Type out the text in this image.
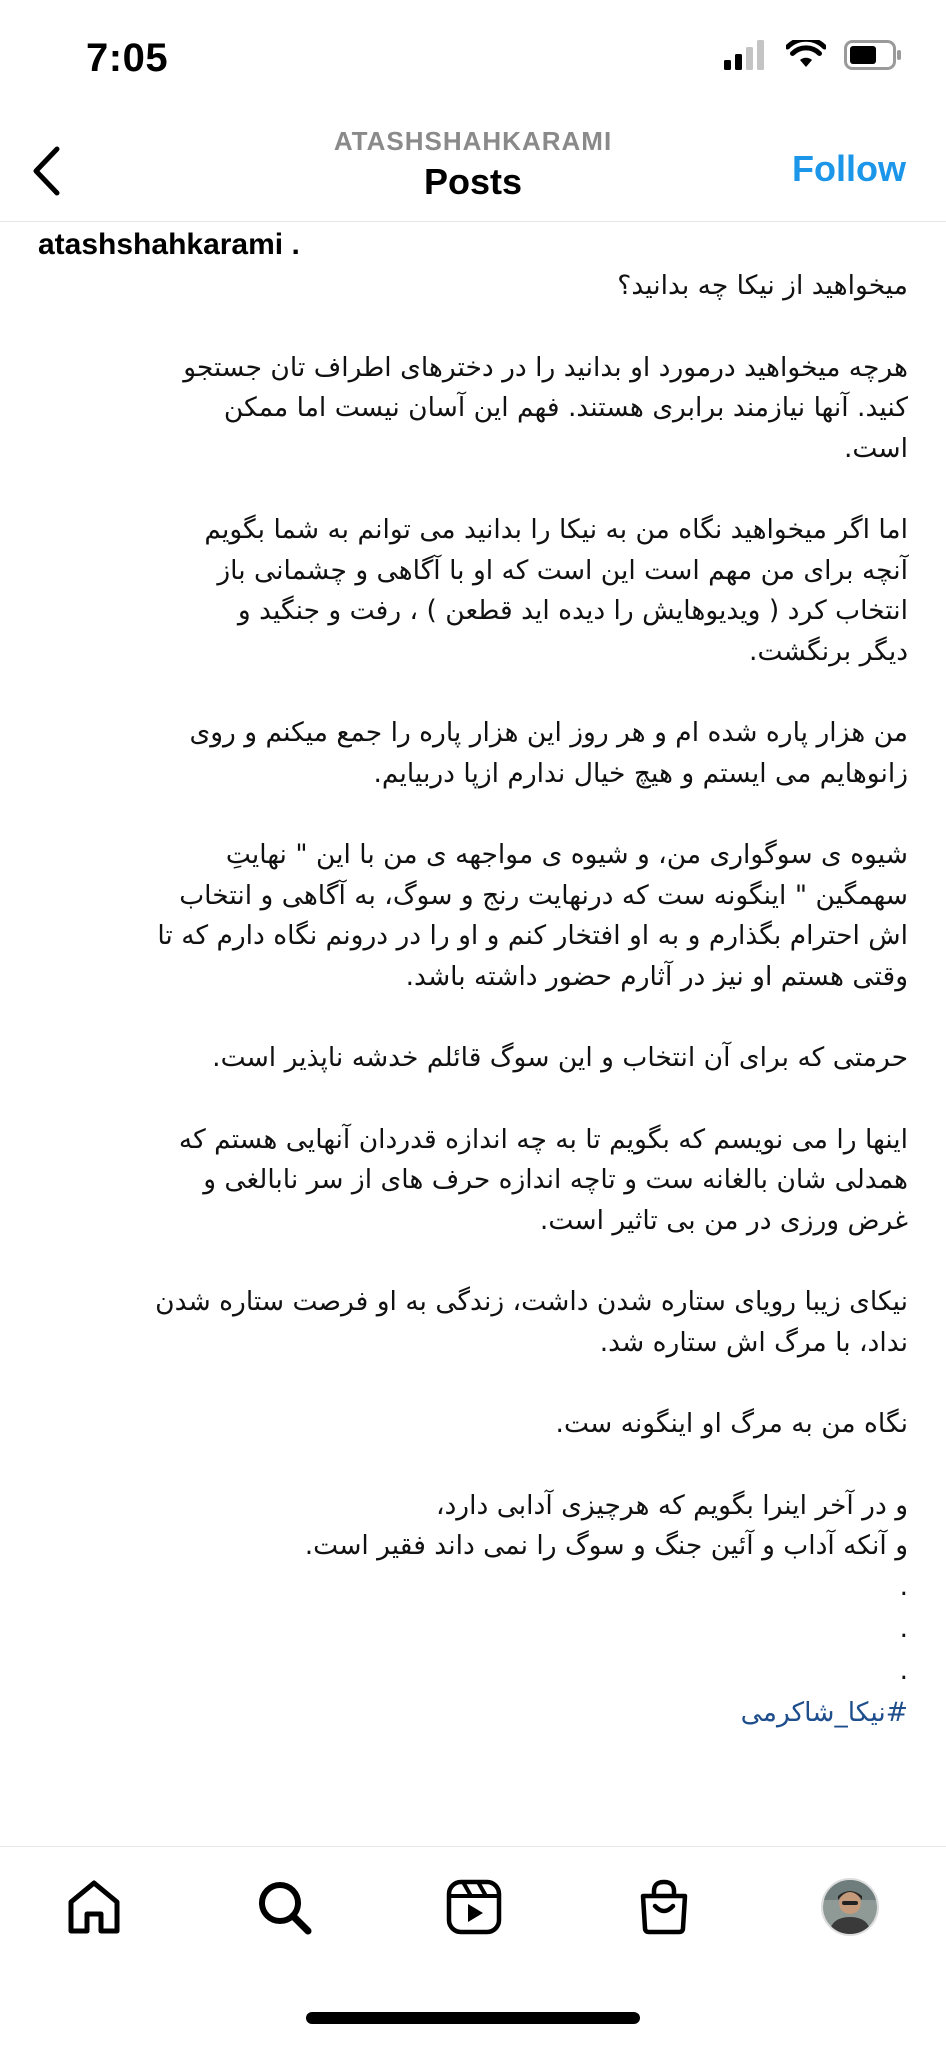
7:05
ATASHSHAHKARAMI
Posts	Follow
atashshahkarami .

میخواهید از نیکا چه بدانید؟

هرچه میخواهید درمورد او بدانید را در دخترهای اطراف تان جستجو

کنید. آنها نیازمند برابری هستند. فهم این آسان نیست اما ممکن

است.

اما اگر میخواهید نگاه من به نیکا را بدانید می توانم به شما بگویم

آنچه برای من مهم است این است که او با آگاهی و چشمانی باز

انتخاب کرد ( ویدیوهایش را دیده اید قطعن ) ، رفت و جنگید و

دیگر برنگشت.

من هزار پاره شده ام و هر روز این هزار پاره را جمع میکنم و روی

زانوهایم می ایستم و هیچ خیال ندارم ازپا دربیایم.

شیوه ی سوگواری من، و شیوه ی مواجهه ی من با این " نهایتِ

سهمگین " اینگونه ست که درنهایت رنج و سوگ، به آگاهی و انتخاب

اش احترام بگذارم و به او افتخار کنم و او را در درونم نگاه دارم که تا

وقتی هستم او نیز در آثارم حضور داشته باشد.

حرمتی که برای آن انتخاب و این سوگ قائلم خدشه ناپذیر است.

اینها را می نویسم که بگویم تا به چه اندازه قدردان آنهایی هستم که

همدلی شان بالغانه ست و تاچه اندازه حرف های از سر نابالغی و

غرض ورزی در من بی تاثیر است.

نیکای زیبا رویای ستاره شدن داشت، زندگی به او فرصت ستاره شدن

نداد، با مرگ اش ستاره شد.

نگاه من به مرگ او اینگونه ست.

و در آخر اینرا بگویم که هرچیزی آدابی دارد،

و آنکه آداب و آئین جنگ و سوگ را نمی داند فقیر است.

.

.

.

#نیکا_شاکرمی
